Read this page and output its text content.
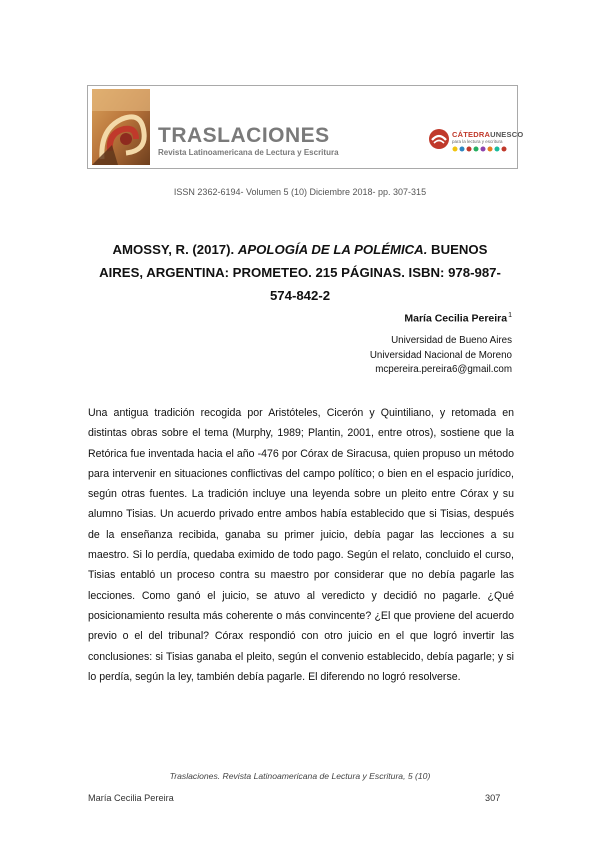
TRASLACIONES
Revista Latinoamericana de Lectura y Escritura
CÁTEDRAUNESCO
para la lectura y escritura
ISSN 2362-6194- Volumen 5 (10) Diciembre 2018- pp. 307-315
AMOSSY, R. (2017). APOLOGÍA DE LA POLÉMICA. BUENOS AIRES, ARGENTINA: PROMETEO. 215 PÁGINAS. ISBN: 978-987-574-842-2
María Cecilia Pereira$^1$
Universidad de Bueno Aires
Universidad Nacional de Moreno
mcpereira.pereira6@gmail.com

Una antigua tradición recogida por Aristóteles, Cicerón y Quintiliano, y retomada en distintas obras sobre el tema (Murphy, 1989; Plantin, 2001, entre otros), sostiene que la Retórica fue inventada hacia el año -476 por Córax de Siracusa, quien propuso un método para intervenir en situaciones conflictivas del campo político; o bien en el espacio jurídico, según otras fuentes. La tradición incluye una leyenda sobre un pleito entre Córax y su alumno Tisias. Un acuerdo privado entre ambos había establecido que si Tisias, después de la enseñanza recibida, ganaba su primer juicio, debía pagar las lecciones a su maestro. Si lo perdía, quedaba eximido de todo pago. Según el relato, concluido el curso, Tisias entabló un proceso contra su maestro por considerar que no debía pagarle las lecciones. Como ganó el juicio, se atuvo al veredicto y decidió no pagarle. ¿Qué posicionamiento resulta más coherente o más convincente? ¿El que proviene del acuerdo previo o el del tribunal? Córax respondió con otro juicio en el que logró invertir las conclusiones: si Tisias ganaba el pleito, según el convenio establecido, debía pagarle; y si lo perdía, según la ley, también debía pagarle. El diferendo no logró resolverse.

Traslaciones. Revista Latinoamericana de Lectura y Escritura, 5 (10)
María Cecilia Pereira	307
